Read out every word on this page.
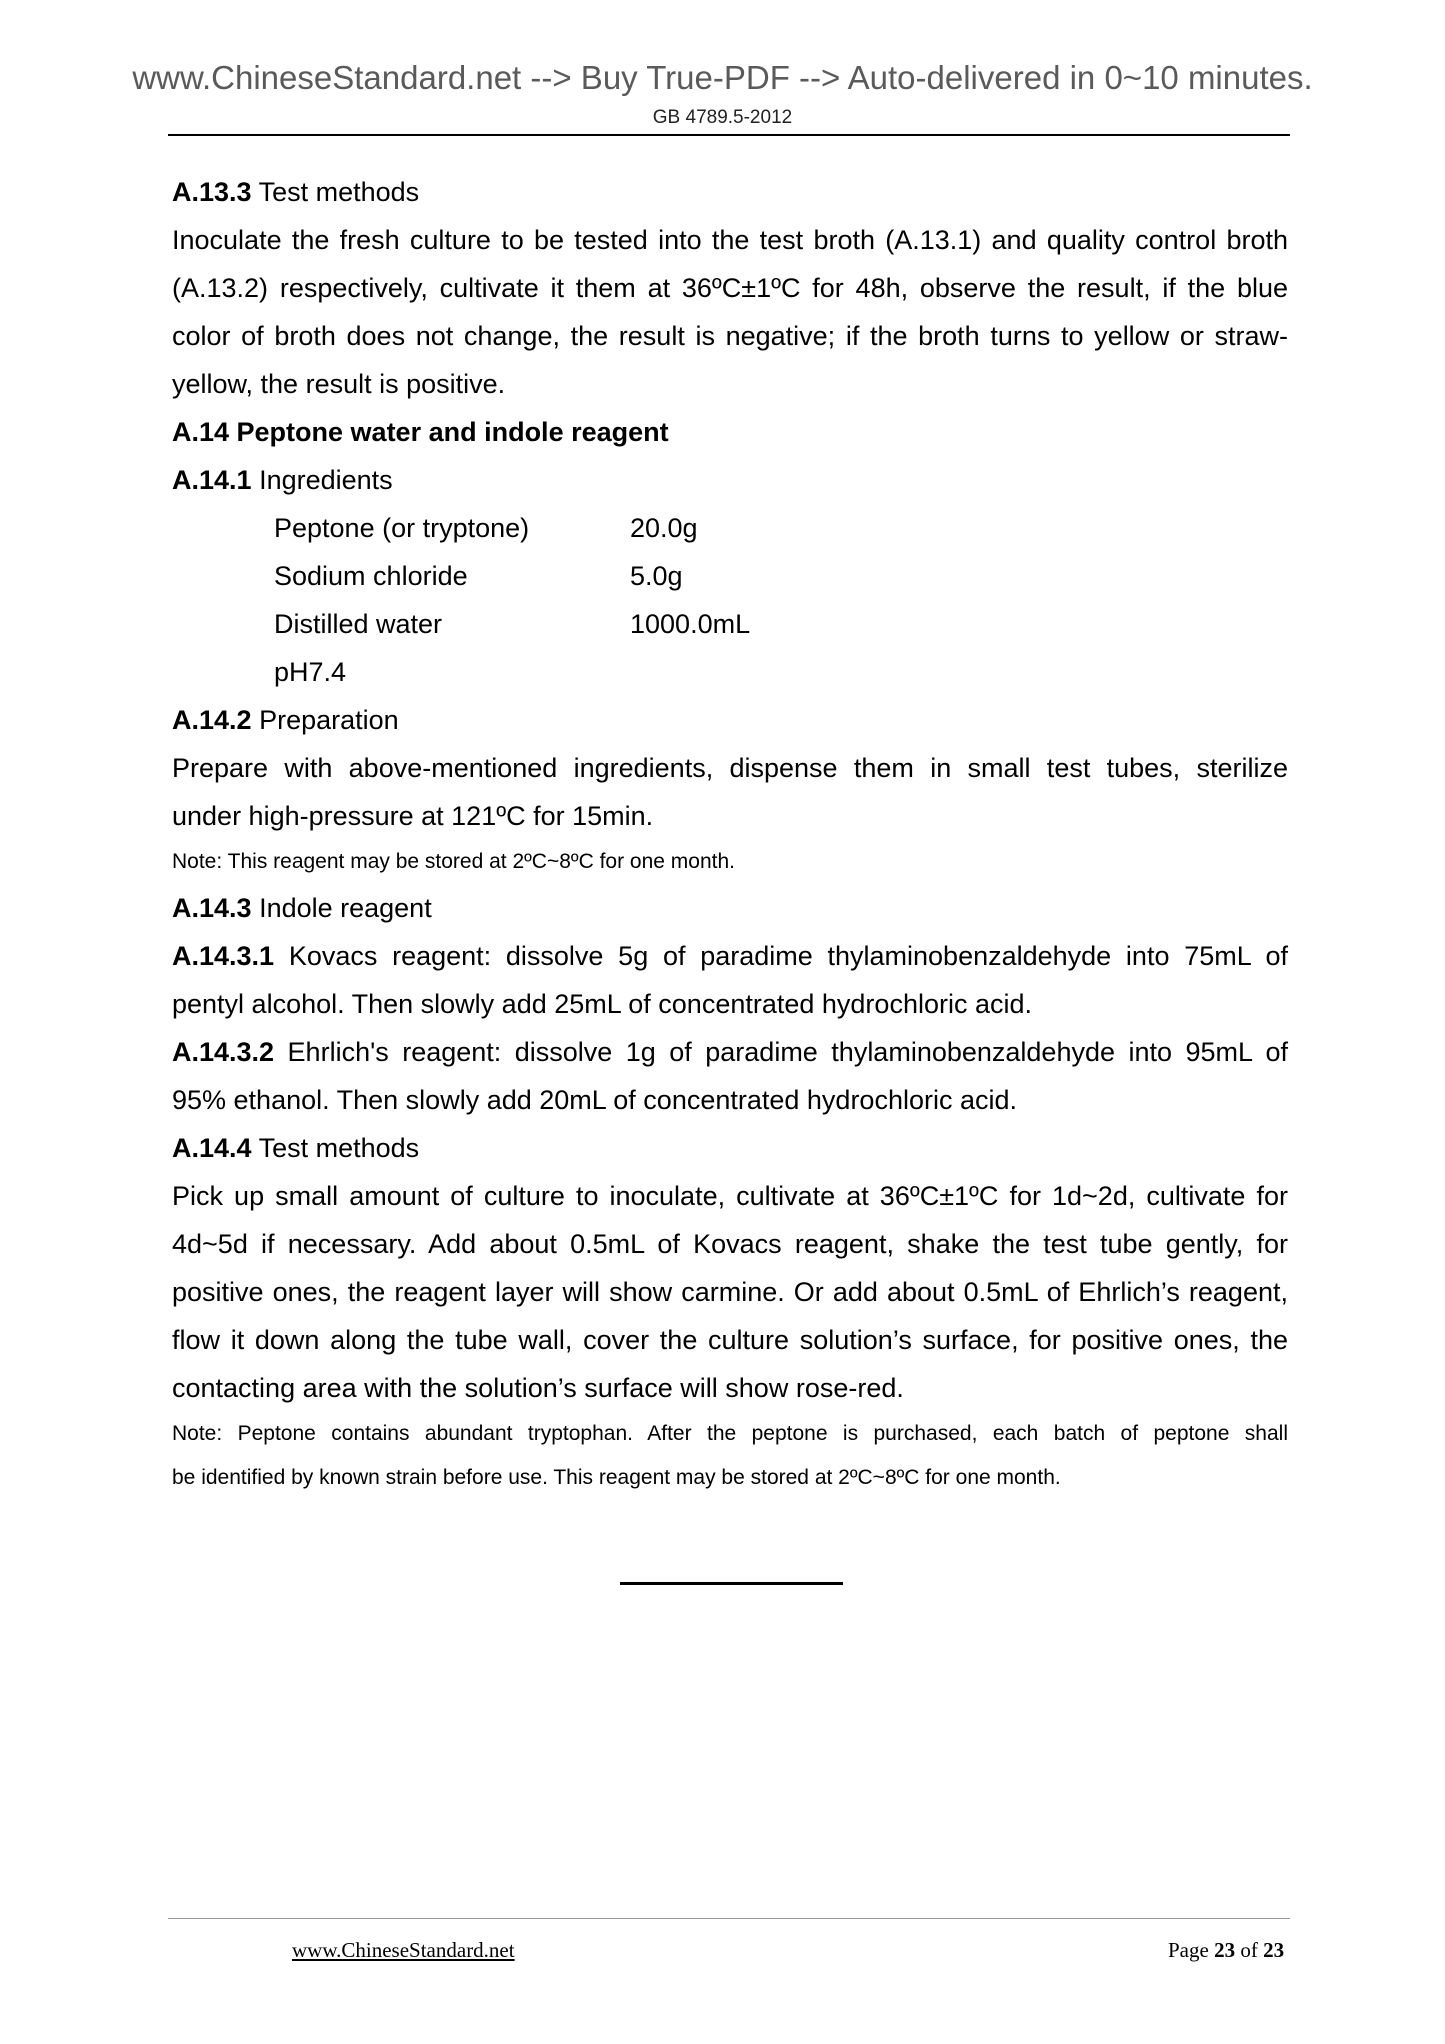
www.ChineseStandard.net --> Buy True-PDF --> Auto-delivered in 0~10 minutes.
GB 4789.5-2012
A.13.3 Test methods
Inoculate the fresh culture to be tested into the test broth (A.13.1) and quality control broth
(A.13.2) respectively, cultivate it them at 36ºC±1ºC for 48h, observe the result, if the blue
color of broth does not change, the result is negative; if the broth turns to yellow or straw-
yellow, the result is positive.
A.14 Peptone water and indole reagent
A.14.1 Ingredients
Peptone (or tryptone)	20.0g
Sodium chloride	5.0g
Distilled water	1000.0mL
pH7.4
A.14.2 Preparation
Prepare with above-mentioned ingredients, dispense them in small test tubes, sterilize
under high-pressure at 121ºC for 15min.
Note: This reagent may be stored at 2ºC~8ºC for one month.
A.14.3 Indole reagent
A.14.3.1 Kovacs reagent: dissolve 5g of paradime thylaminobenzaldehyde into 75mL of
pentyl alcohol. Then slowly add 25mL of concentrated hydrochloric acid.
A.14.3.2 Ehrlich's reagent: dissolve 1g of paradime thylaminobenzaldehyde into 95mL of
95% ethanol. Then slowly add 20mL of concentrated hydrochloric acid.
A.14.4 Test methods
Pick up small amount of culture to inoculate, cultivate at 36ºC±1ºC for 1d~2d, cultivate for
4d~5d if necessary. Add about 0.5mL of Kovacs reagent, shake the test tube gently, for
positive ones, the reagent layer will show carmine. Or add about 0.5mL of Ehrlich’s reagent,
flow it down along the tube wall, cover the culture solution’s surface, for positive ones, the
contacting area with the solution’s surface will show rose-red.
Note: Peptone contains abundant tryptophan. After the peptone is purchased, each batch of peptone shall
be identified by known strain before use. This reagent may be stored at 2ºC~8ºC for one month.
www.ChineseStandard.net	Page 23 of 23
